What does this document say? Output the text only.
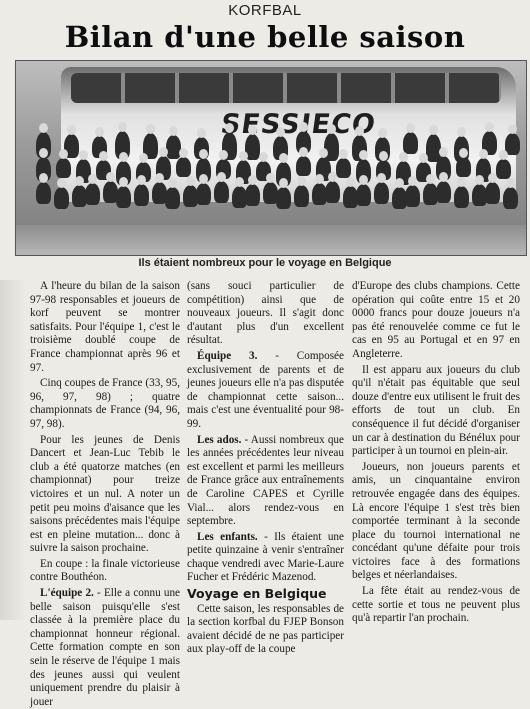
KORFBAL
Bilan d'une belle saison
Ils étaient nombreux pour le voyage en Belgique

A l'heure du bilan de la saison 97-98 responsables et joueurs de korf peuvent se montrer satisfaits. Pour l'équipe 1, c'est le troisième doublé coupe de France championnat après 96 et 97.

Cinq coupes de France (33, 95, 96, 97, 98) ; quatre championnats de France (94, 96, 97, 98).

Pour les jeunes de Denis Dancert et Jean-Luc Tebib le club a été quatorze matches (en championnat) pour treize victoires et un nul. A noter un petit peu moins d'aisance que les saisons précédentes mais l'équipe est en pleine mutation... donc à suivre la saison prochaine.

En coupe : la finale victorieuse contre Bouthéon.

L'équipe 2. - Elle a connu une belle saison puisqu'elle s'est classée à la première place du championnat honneur régional. Cette formation compte en son sein le réserve de l'équipe 1 mais des jeunes aussi qui veulent uniquement prendre du plaisir à jouer

(sans souci particulier de compétition) ainsi que de nouveaux joueurs. Il s'agit donc d'autant plus d'un excellent résultat.

Équipe 3. - Composée exclusivement de parents et de jeunes joueurs elle n'a pas disputée de championnat cette saison... mais c'est une éventualité pour 98-99.

Les ados. - Aussi nombreux que les années précédentes leur niveau est excellent et parmi les meilleurs de France grâce aux entraînements de Caroline CAPES et Cyrille Vial... alors rendez-vous en septembre.

Les enfants. - Ils étaient une petite quinzaine à venir s'entraîner chaque vendredi avec Marie-Laure Fucher et Frédéric Mazenod.

Voyage en Belgique

Cette saison, les responsables de la section korfbal du FJEP Bonson avaient décidé de ne pas participer aux play-off de la coupe

d'Europe des clubs champions. Cette opération qui coûte entre 15 et 20 0000 francs pour douze joueurs n'a pas été renouvelée comme ce fut le cas en 95 au Portugal et en 97 en Angleterre.

Il est apparu aux joueurs du club qu'il n'était pas équitable que seul douze d'entre eux utilisent le fruit des efforts de tout un club. En conséquence il fut décidé d'organiser un car à destination du Bénélux pour participer à un tournoi en plein-air.

Joueurs, non joueurs parents et amis, un cinquantaine environ retrouvée engagée dans des équipes. Là encore l'équipe 1 s'est très bien comportée terminant à la seconde place du tournoi international ne concédant qu'une défaite pour trois victoires face à des formations belges et néerlandaises.

La fête était au rendez-vous de cette sortie et tous ne peuvent plus qu'à repartir l'an prochain.
